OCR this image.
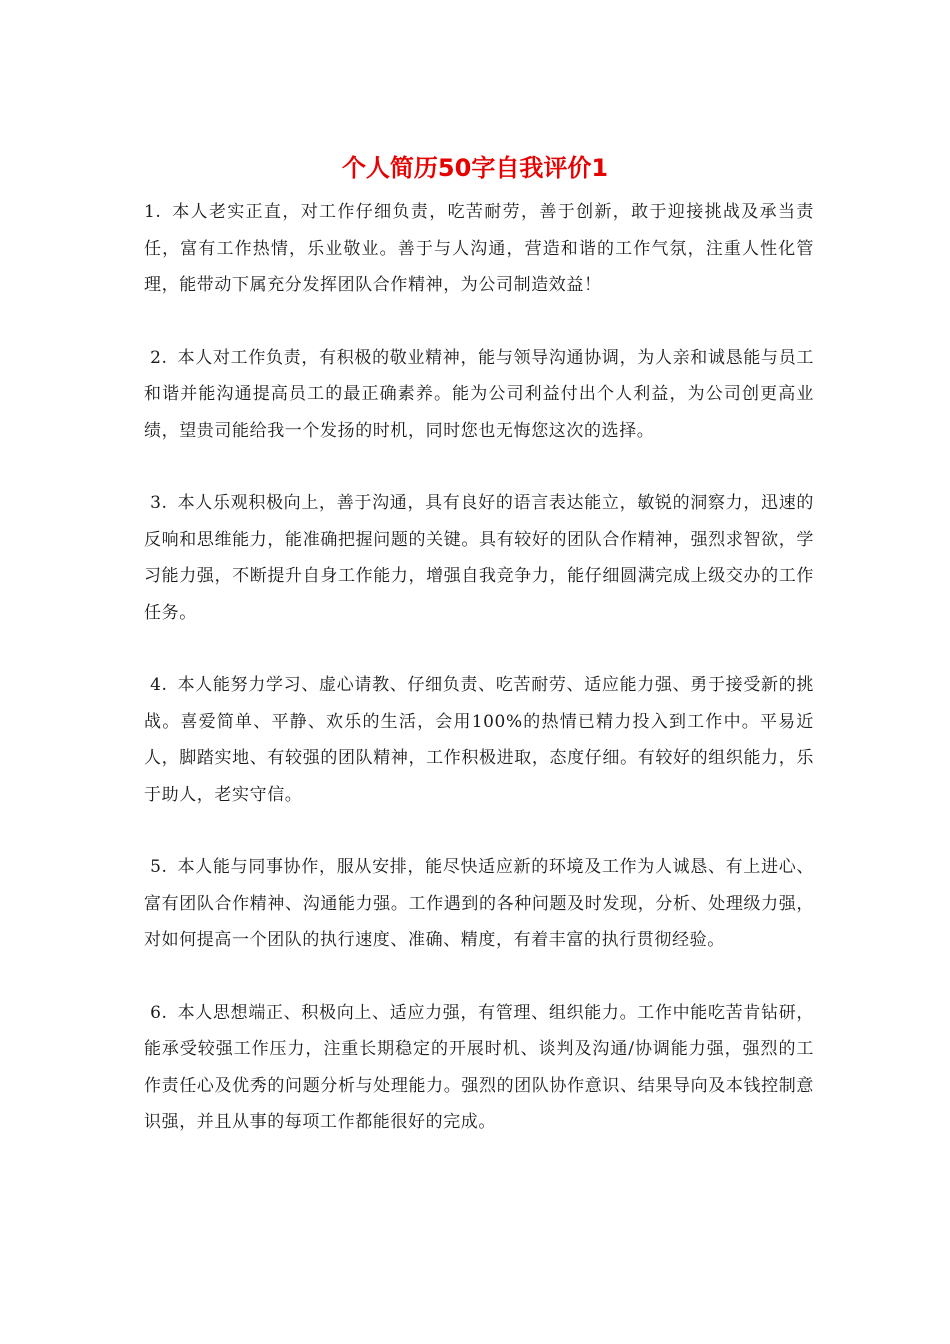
个人简历50字自我评价1

1. 本人老实正直，对工作仔细负责，吃苦耐劳，善于创新，敢于迎接挑战及承当责任，富有工作热情，乐业敬业。善于与人沟通，营造和谐的工作气氛，注重人性化管理，能带动下属充分发挥团队合作精神，为公司制造效益！

2. 本人对工作负责，有积极的敬业精神，能与领导沟通协调，为人亲和诚恳能与员工和谐并能沟通提高员工的最正确素养。能为公司利益付出个人利益，为公司创更高业绩，望贵司能给我一个发扬的时机，同时您也无悔您这次的选择。

3. 本人乐观积极向上，善于沟通，具有良好的语言表达能立，敏锐的洞察力，迅速的反响和思维能力，能准确把握问题的关键。具有较好的团队合作精神，强烈求智欲，学习能力强，不断提升自身工作能力，增强自我竞争力，能仔细圆满完成上级交办的工作任务。

4. 本人能努力学习、虚心请教、仔细负责、吃苦耐劳、适应能力强、勇于接受新的挑战。喜爱简单、平静、欢乐的生活，会用100%的热情已精力投入到工作中。平易近人，脚踏实地、有较强的团队精神，工作积极进取，态度仔细。有较好的组织能力，乐于助人，老实守信。

5. 本人能与同事协作，服从安排，能尽快适应新的环境及工作为人诚恳、有上进心、富有团队合作精神、沟通能力强。工作遇到的各种问题及时发现，分析、处理级力强，对如何提高一个团队的执行速度、准确、精度，有着丰富的执行贯彻经验。

6. 本人思想端正、积极向上、适应力强，有管理、组织能力。工作中能吃苦肯钻研，能承受较强工作压力，注重长期稳定的开展时机、谈判及沟通/协调能力强，强烈的工作责任心及优秀的问题分析与处理能力。强烈的团队协作意识、结果导向及本钱控制意识强，并且从事的每项工作都能很好的完成。
